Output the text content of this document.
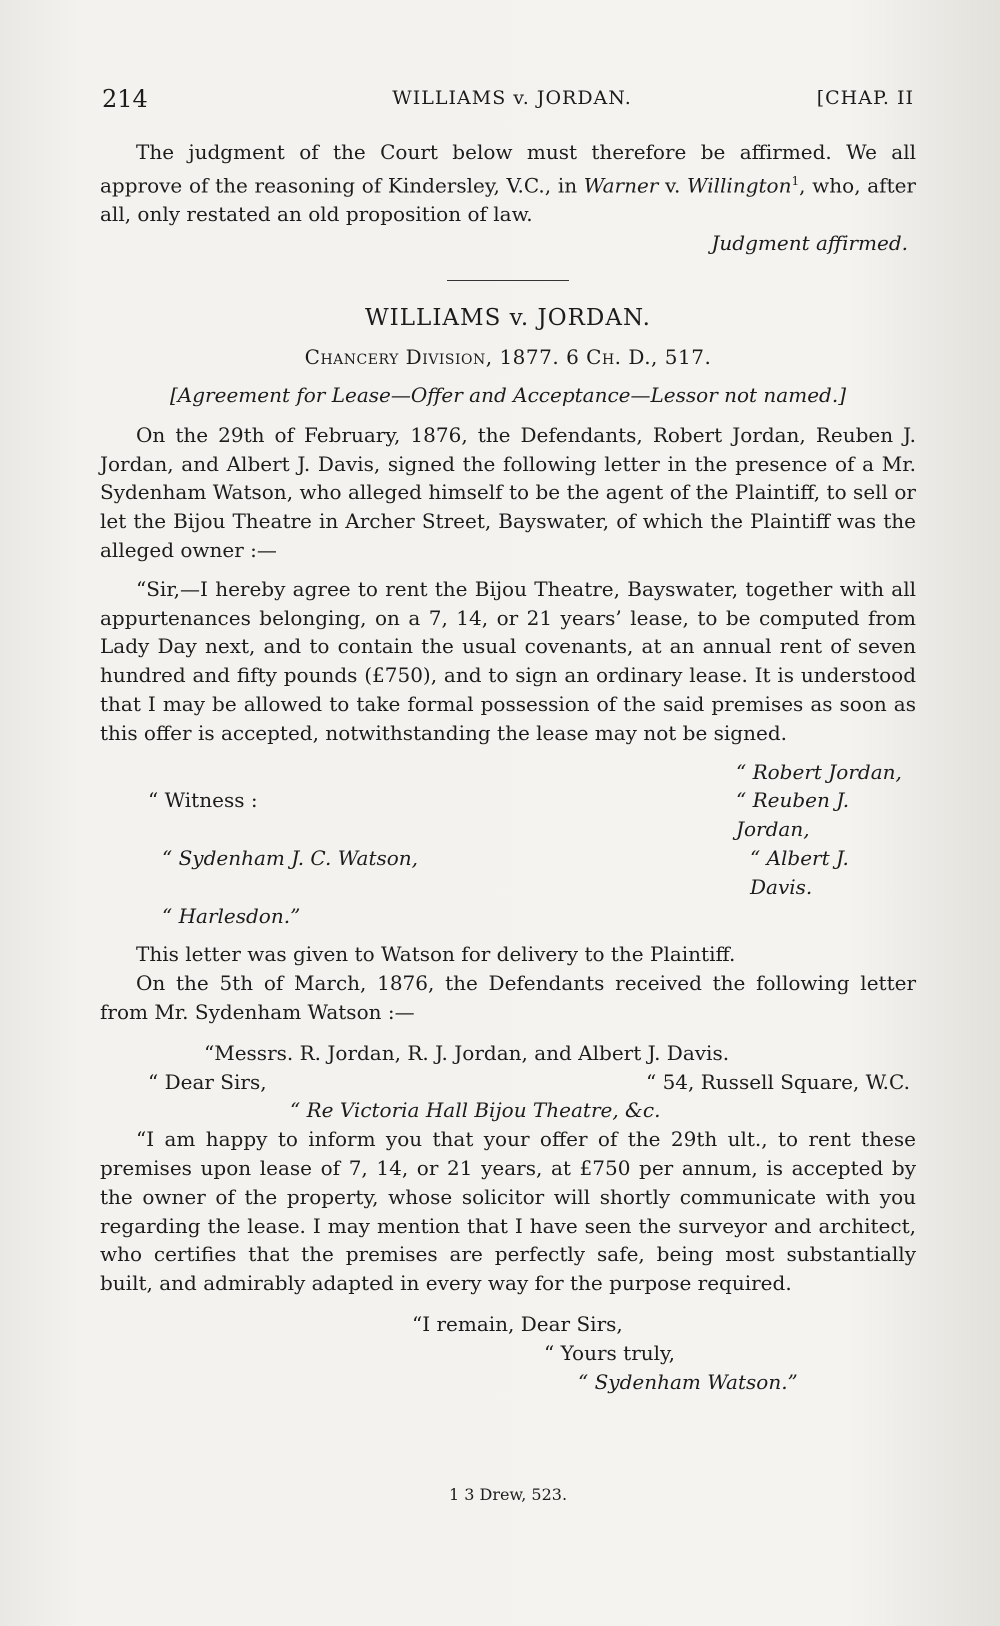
214	WILLIAMS v. JORDAN.	[CHAP. II

The judgment of the Court below must therefore be affirmed. We all approve of the reasoning of Kindersley, V.C., in Warner v. Willington$^1$, who, after all, only restated an old proposition of law.

Judgment affirmed.

WILLIAMS v. JORDAN.
Chancery Division, 1877. 6 Ch. D., 517.
[Agreement for Lease—Offer and Acceptance—Lessor not named.]

On the 29th of February, 1876, the Defendants, Robert Jordan, Reuben J. Jordan, and Albert J. Davis, signed the following letter in the presence of a Mr. Sydenham Watson, who alleged himself to be the agent of the Plaintiff, to sell or let the Bijou Theatre in Archer Street, Bayswater, of which the Plaintiff was the alleged owner :—

“Sir,—I hereby agree to rent the Bijou Theatre, Bayswater, together with all appurtenances belonging, on a 7, 14, or 21 years’ lease, to be computed from Lady Day next, and to contain the usual covenants, at an annual rent of seven hundred and fifty pounds (£750), and to sign an ordinary lease. It is understood that I may be allowed to take formal possession of the said premises as soon as this offer is accepted, notwithstanding the lease may not be signed.

“ Robert Jordan,
“ Witness :	“ Reuben J. Jordan,
“ Sydenham J. C. Watson,	“ Albert J. Davis.
“ Harlesdon.”

This letter was given to Watson for delivery to the Plaintiff.

On the 5th of March, 1876, the Defendants received the following letter from Mr. Sydenham Watson :—

“Messrs. R. Jordan, R. J. Jordan, and Albert J. Davis.
“ Dear Sirs,	“ 54, Russell Square, W.C.
“ Re Victoria Hall Bijou Theatre, &c.

“I am happy to inform you that your offer of the 29th ult., to rent these premises upon lease of 7, 14, or 21 years, at £750 per annum, is accepted by the owner of the property, whose solicitor will shortly communicate with you regarding the lease. I may mention that I have seen the surveyor and architect, who certifies that the premises are perfectly safe, being most substantially built, and admirably adapted in every way for the purpose required.

“I remain, Dear Sirs,
“ Yours truly,
“ Sydenham Watson.”
1 3 Drew, 523.
